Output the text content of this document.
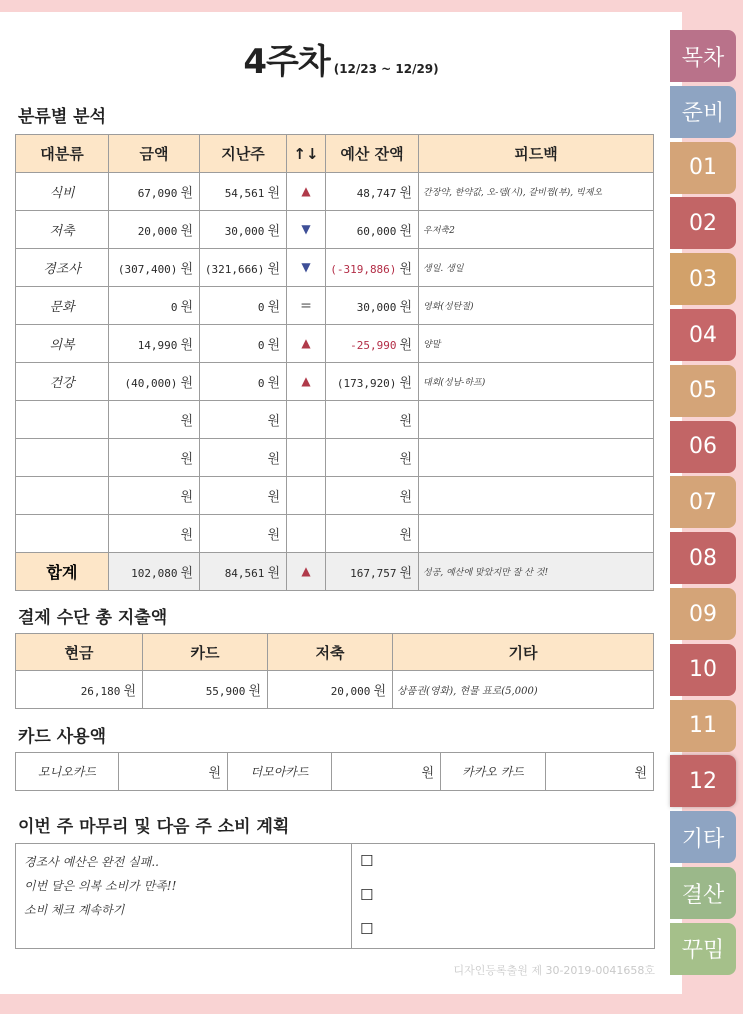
4주차 (12/23 ~ 12/29)
분류별 분석
대분류	금액	지난주	↑↓	예산 잔액	피드백
식비	67,090 원	54,561 원	▲	48,747 원	간장약, 한약값, 오-뎀(시), 갈비찜(부), 빅제오
저축	20,000 원	30,000 원	▼	60,000 원	우저축2
경조사	(307,400) 원	(321,666) 원	▼	(-319,886) 원	생일. 생일
문화	0 원	0 원	=	30,000 원	영화(성탄절)
의복	14,990 원	0 원	▲	-25,990 원	양말
건강	(40,000) 원	0 원	▲	(173,920) 원	대회(성남-하프)
	원	원		원	
	원	원		원	
	원	원		원	
	원	원		원	
합계	102,080 원	84,561 원	▲	167,757 원	성공, 예산에 맞았지만 잘 산 것!
결제 수단 총 지출액
현금	카드	저축	기타
26,180 원	55,900 원	20,000 원	상품권(영화), 현물 표로(5,000)
카드 사용액
모니오카드	원	더모아카드	원	카카오 카드	원
이번 주 마무리 및 다음 주 소비 계획
경조사 예산은 완전 실패..
이번 달은 의복 소비가 만족!!
소비 체크 계속하기
☐
☐
☐
디자인등록출원 제 30-2019-0041658호
목차
준비
01
02
03
04
05
06
07
08
09
10
11
12
기타
결산
꾸밈
